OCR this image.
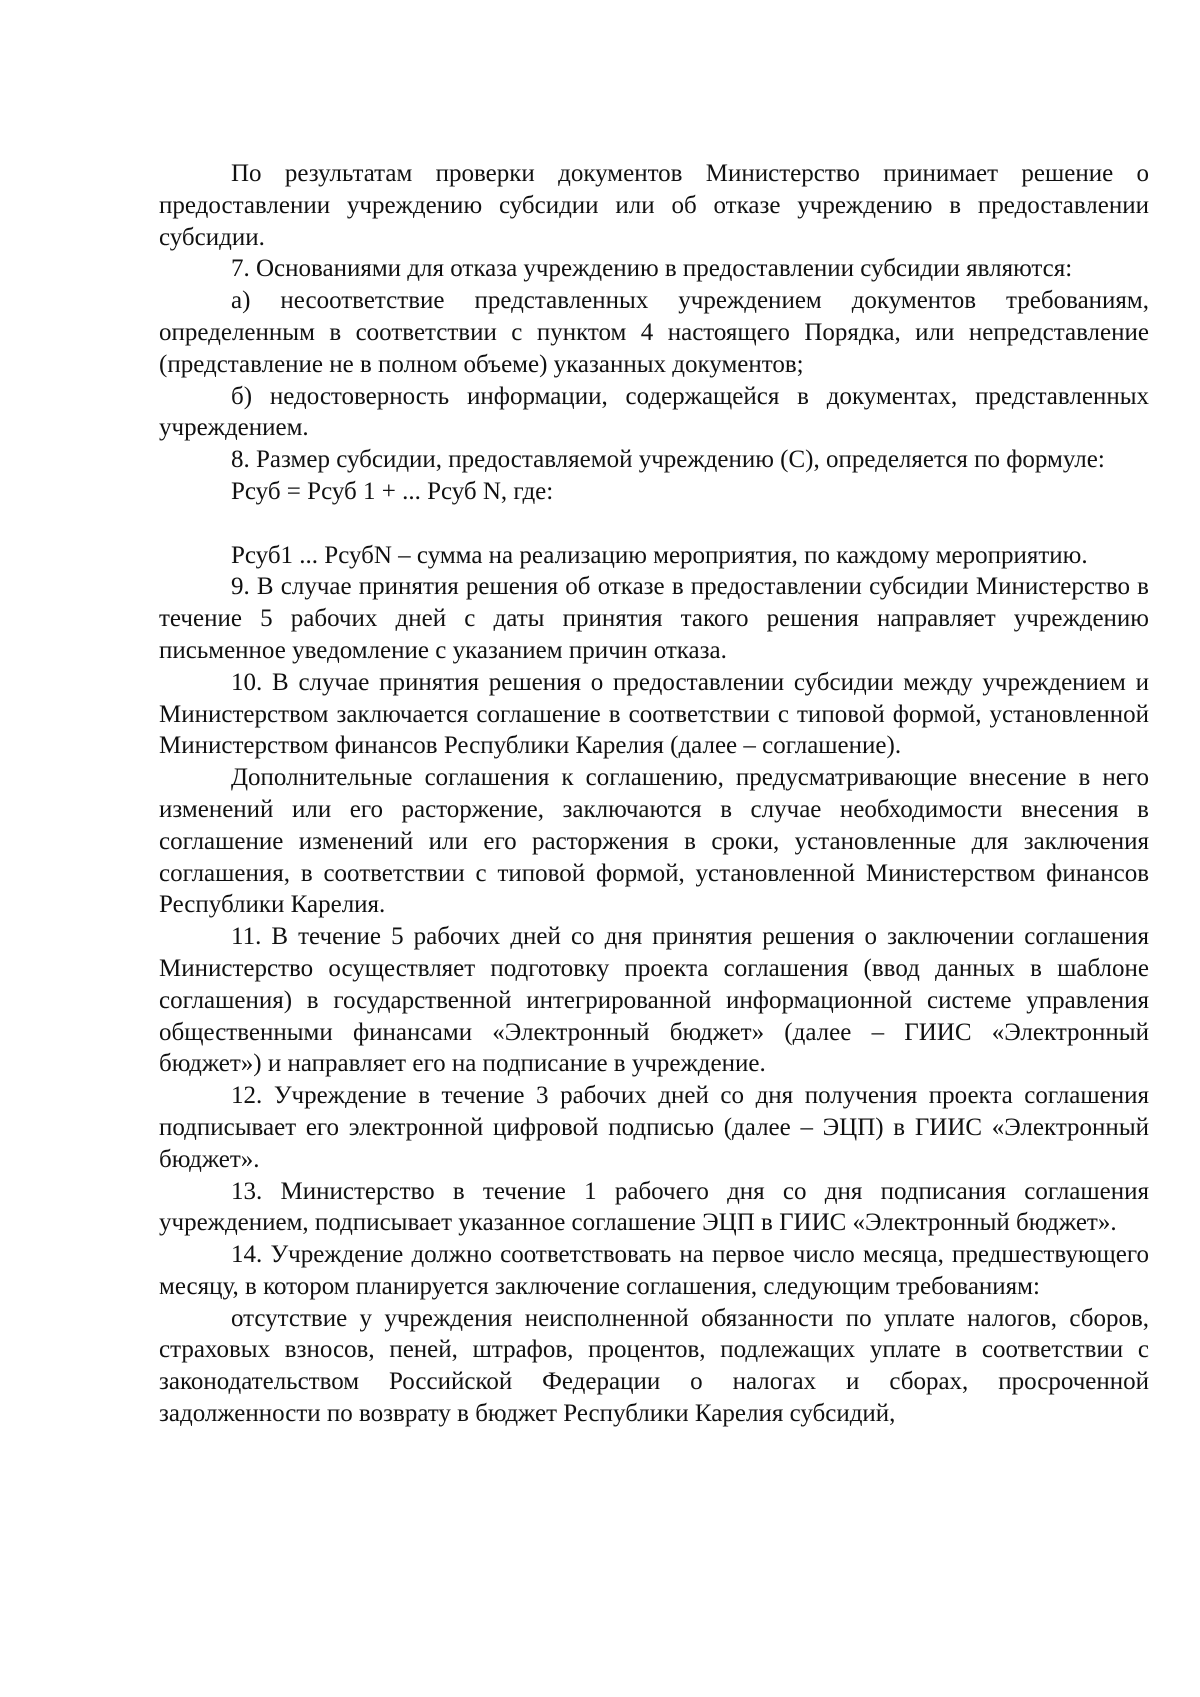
По результатам проверки документов Министерство принимает решение о предоставлении учреждению субсидии или об отказе учреждению в предоставлении субсидии.

7. Основаниями для отказа учреждению в предоставлении субсидии являются:

а) несоответствие представленных учреждением документов требованиям, определенным в соответствии с пунктом 4 настоящего Порядка, или непредставление (представление не в полном объеме) указанных документов;

б) недостоверность информации, содержащейся в документах, представленных учреждением.

8. Размер субсидии, предоставляемой учреждению (С), определяется по формуле:

Рсуб = Рсуб 1 + ... Рсуб N, где:

Рсуб1 ... РсубN – сумма на реализацию мероприятия, по каждому мероприятию.

9. В случае принятия решения об отказе в предоставлении субсидии Министерство в течение 5 рабочих дней с даты принятия такого решения направляет учреждению письменное уведомление с указанием причин отказа.

10. В случае принятия решения о предоставлении субсидии между учреждением и Министерством заключается соглашение в соответствии с типовой формой, установленной Министерством финансов Республики Карелия (далее – соглашение).

Дополнительные соглашения к соглашению, предусматривающие внесение в него изменений или его расторжение, заключаются в случае необходимости внесения в соглашение изменений или его расторжения в сроки, установленные для заключения соглашения, в соответствии с типовой формой, установленной Министерством финансов Республики Карелия.

11. В течение 5 рабочих дней со дня принятия решения о заключении соглашения Министерство осуществляет подготовку проекта соглашения (ввод данных в шаблоне соглашения) в государственной интегрированной информационной системе управления общественными финансами «Электронный бюджет» (далее – ГИИС «Электронный бюджет») и направляет его на подписание в учреждение.

12. Учреждение в течение 3 рабочих дней со дня получения проекта соглашения подписывает его электронной цифровой подписью (далее – ЭЦП) в ГИИС «Электронный бюджет».

13. Министерство в течение 1 рабочего дня со дня подписания соглашения учреждением, подписывает указанное соглашение ЭЦП в ГИИС «Электронный бюджет».

14. Учреждение должно соответствовать на первое число месяца, предшествующего месяцу, в котором планируется заключение соглашения, следующим требованиям:

отсутствие у учреждения неисполненной обязанности по уплате налогов, сборов, страховых взносов, пеней, штрафов, процентов, подлежащих уплате в соответствии с законодательством Российской Федерации о налогах и сборах, просроченной задолженности по возврату в бюджет Республики Карелия субсидий,
